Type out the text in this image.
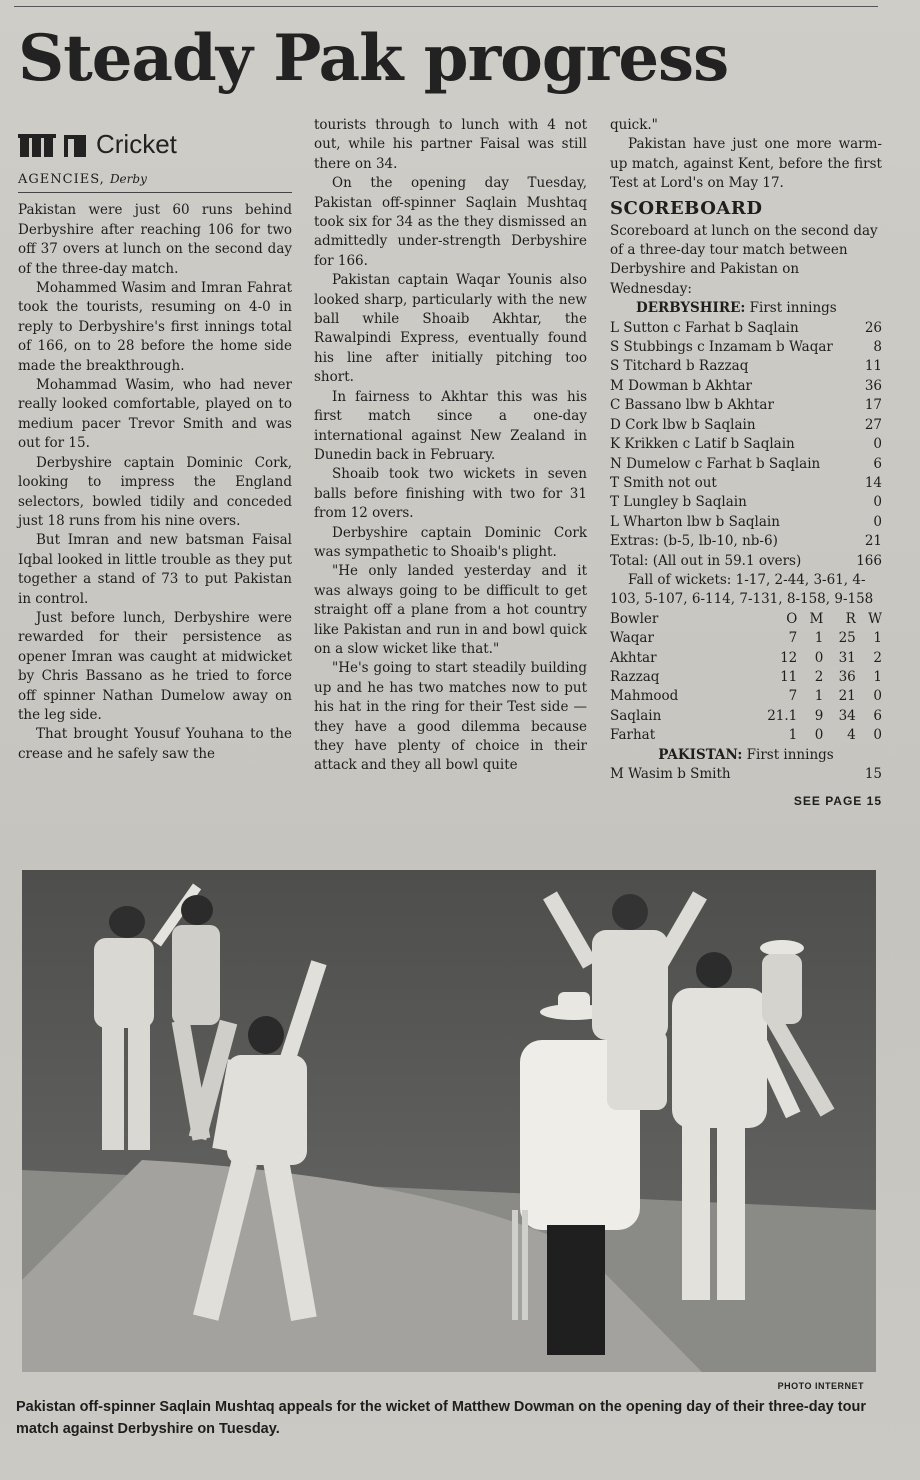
Steady Pak progress
Cricket
AGENCIES, Derby

Pakistan were just 60 runs behind Derbyshire after reaching 106 for two off 37 overs at lunch on the second day of the three-day match.

Mohammed Wasim and Imran Fahrat took the tourists, resuming on 4-0 in reply to Derbyshire's first innings total of 166, on to 28 before the home side made the breakthrough.

Mohammad Wasim, who had never really looked comfortable, played on to medium pacer Trevor Smith and was out for 15.

Derbyshire captain Dominic Cork, looking to impress the England selectors, bowled tidily and conceded just 18 runs from his nine overs.

But Imran and new batsman Faisal Iqbal looked in little trouble as they put together a stand of 73 to put Pakistan in control.

Just before lunch, Derbyshire were rewarded for their persistence as opener Imran was caught at midwicket by Chris Bassano as he tried to force off spinner Nathan Dumelow away on the leg side.

That brought Yousuf Youhana to the crease and he safely saw the

tourists through to lunch with 4 not out, while his partner Faisal was still there on 34.

On the opening day Tuesday, Pakistan off-spinner Saqlain Mushtaq took six for 34 as the they dismissed an admittedly under-strength Derbyshire for 166.

Pakistan captain Waqar Younis also looked sharp, particularly with the new ball while Shoaib Akhtar, the Rawalpindi Express, eventually found his line after initially pitching too short.

In fairness to Akhtar this was his first match since a one-day international against New Zealand in Dunedin back in February.

Shoaib took two wickets in seven balls before finishing with two for 31 from 12 overs.

Derbyshire captain Dominic Cork was sympathetic to Shoaib's plight.

"He only landed yesterday and it was always going to be difficult to get straight off a plane from a hot country like Pakistan and run in and bowl quick on a slow wicket like that."

"He's going to start steadily building up and he has two matches now to put his hat in the ring for their Test side — they have a good dilemma because they have plenty of choice in their attack and they all bowl quite

quick."

Pakistan have just one more warm-up match, against Kent, before the first Test at Lord's on May 17.

SCOREBOARD

Scoreboard at lunch on the second day of a three-day tour match between Derbyshire and Pakistan on Wednesday:

DERBYSHIRE: First innings
L Sutton c Farhat b Saqlain	26
S Stubbings c Inzamam b Waqar	8
S Titchard b Razzaq	11
M Dowman b Akhtar	36
C Bassano lbw b Akhtar	17
D Cork lbw b Saqlain	27
K Krikken c Latif b Saqlain	0
N Dumelow c Farhat b Saqlain	6
T Smith not out	14
T Lungley b Saqlain	0
L Wharton lbw b Saqlain	0
Extras: (b-5, lb-10, nb-6)	21
Total: (All out in 59.1 overs)	166
Fall of wickets: 1-17, 2-44, 3-61, 4-103, 5-107, 6-114, 7-131, 8-158, 9-158
Bowler	O	M	R	W
Waqar	7	1	25	1
Akhtar	12	0	31	2
Razzaq	11	2	36	1
Mahmood	7	1	21	0
Saqlain	21.1	9	34	6
Farhat	1	0	4	0
PAKISTAN: First innings
M Wasim b Smith	15
SEE PAGE 15
PHOTO INTERNET
Pakistan off-spinner Saqlain Mushtaq appeals for the wicket of Matthew Dowman on the opening day of their three-day tour match against Derbyshire on Tuesday.
